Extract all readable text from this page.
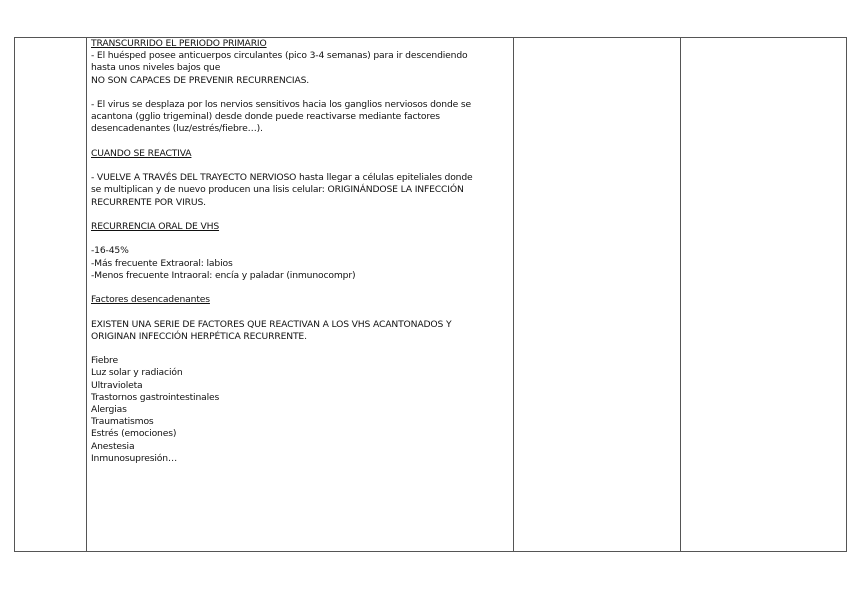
TRANSCURRIDO EL PERIODO PRIMARIO
- El huésped posee anticuerpos circulantes (pico 3-4 semanas) para ir descendiendo
hasta unos niveles bajos que
NO SON CAPACES DE PREVENIR RECURRENCIAS.
- El virus se desplaza por los nervios sensitivos hacia los ganglios nerviosos donde se
acantona (gglio trigeminal) desde donde puede reactivarse mediante factores
desencadenantes (luz/estrés/fiebre…).
CUANDO SE REACTIVA
- VUELVE A TRAVÉS DEL TRAYECTO NERVIOSO hasta llegar a células epiteliales donde
se multiplican y de nuevo producen una lisis celular: ORIGINÁNDOSE LA INFECCIÓN
RECURRENTE POR VIRUS.
RECURRENCIA ORAL DE VHS
-16-45%
-Más frecuente Extraoral: labios
-Menos frecuente Intraoral: encía y paladar (inmunocompr)
Factores desencadenantes
EXISTEN UNA SERIE DE FACTORES QUE REACTIVAN A LOS VHS ACANTONADOS Y
ORIGINAN INFECCIÓN HERPÉTICA RECURRENTE.
Fiebre
Luz solar y radiación
Ultravioleta
Trastornos gastrointestinales
Alergias
Traumatismos
Estrés (emociones)
Anestesia
Inmunosupresión…
